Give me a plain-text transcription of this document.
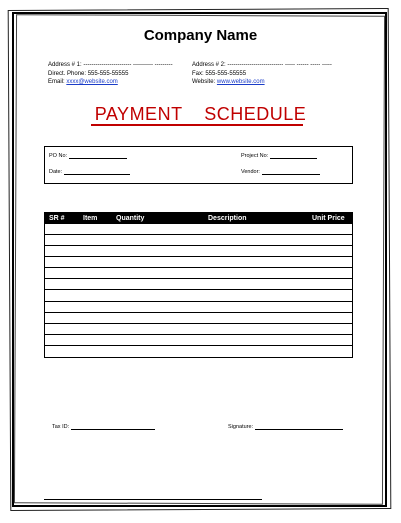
Company Name
Address # 1: ------------------------ ---------- ---------
Direct. Phone: 555-555-55555
Email: xxxx@website.com
Address # 2: ---------------------------- ----- ------ ----- -----
Fax: 555-555-55555
Website: www.website.com
PAYMENT    SCHEDULE
PO No:	Project No:
Date:	Vendor:
SR #	Item	Quantity	Description	Unit Price
Tax ID:	Signature:
